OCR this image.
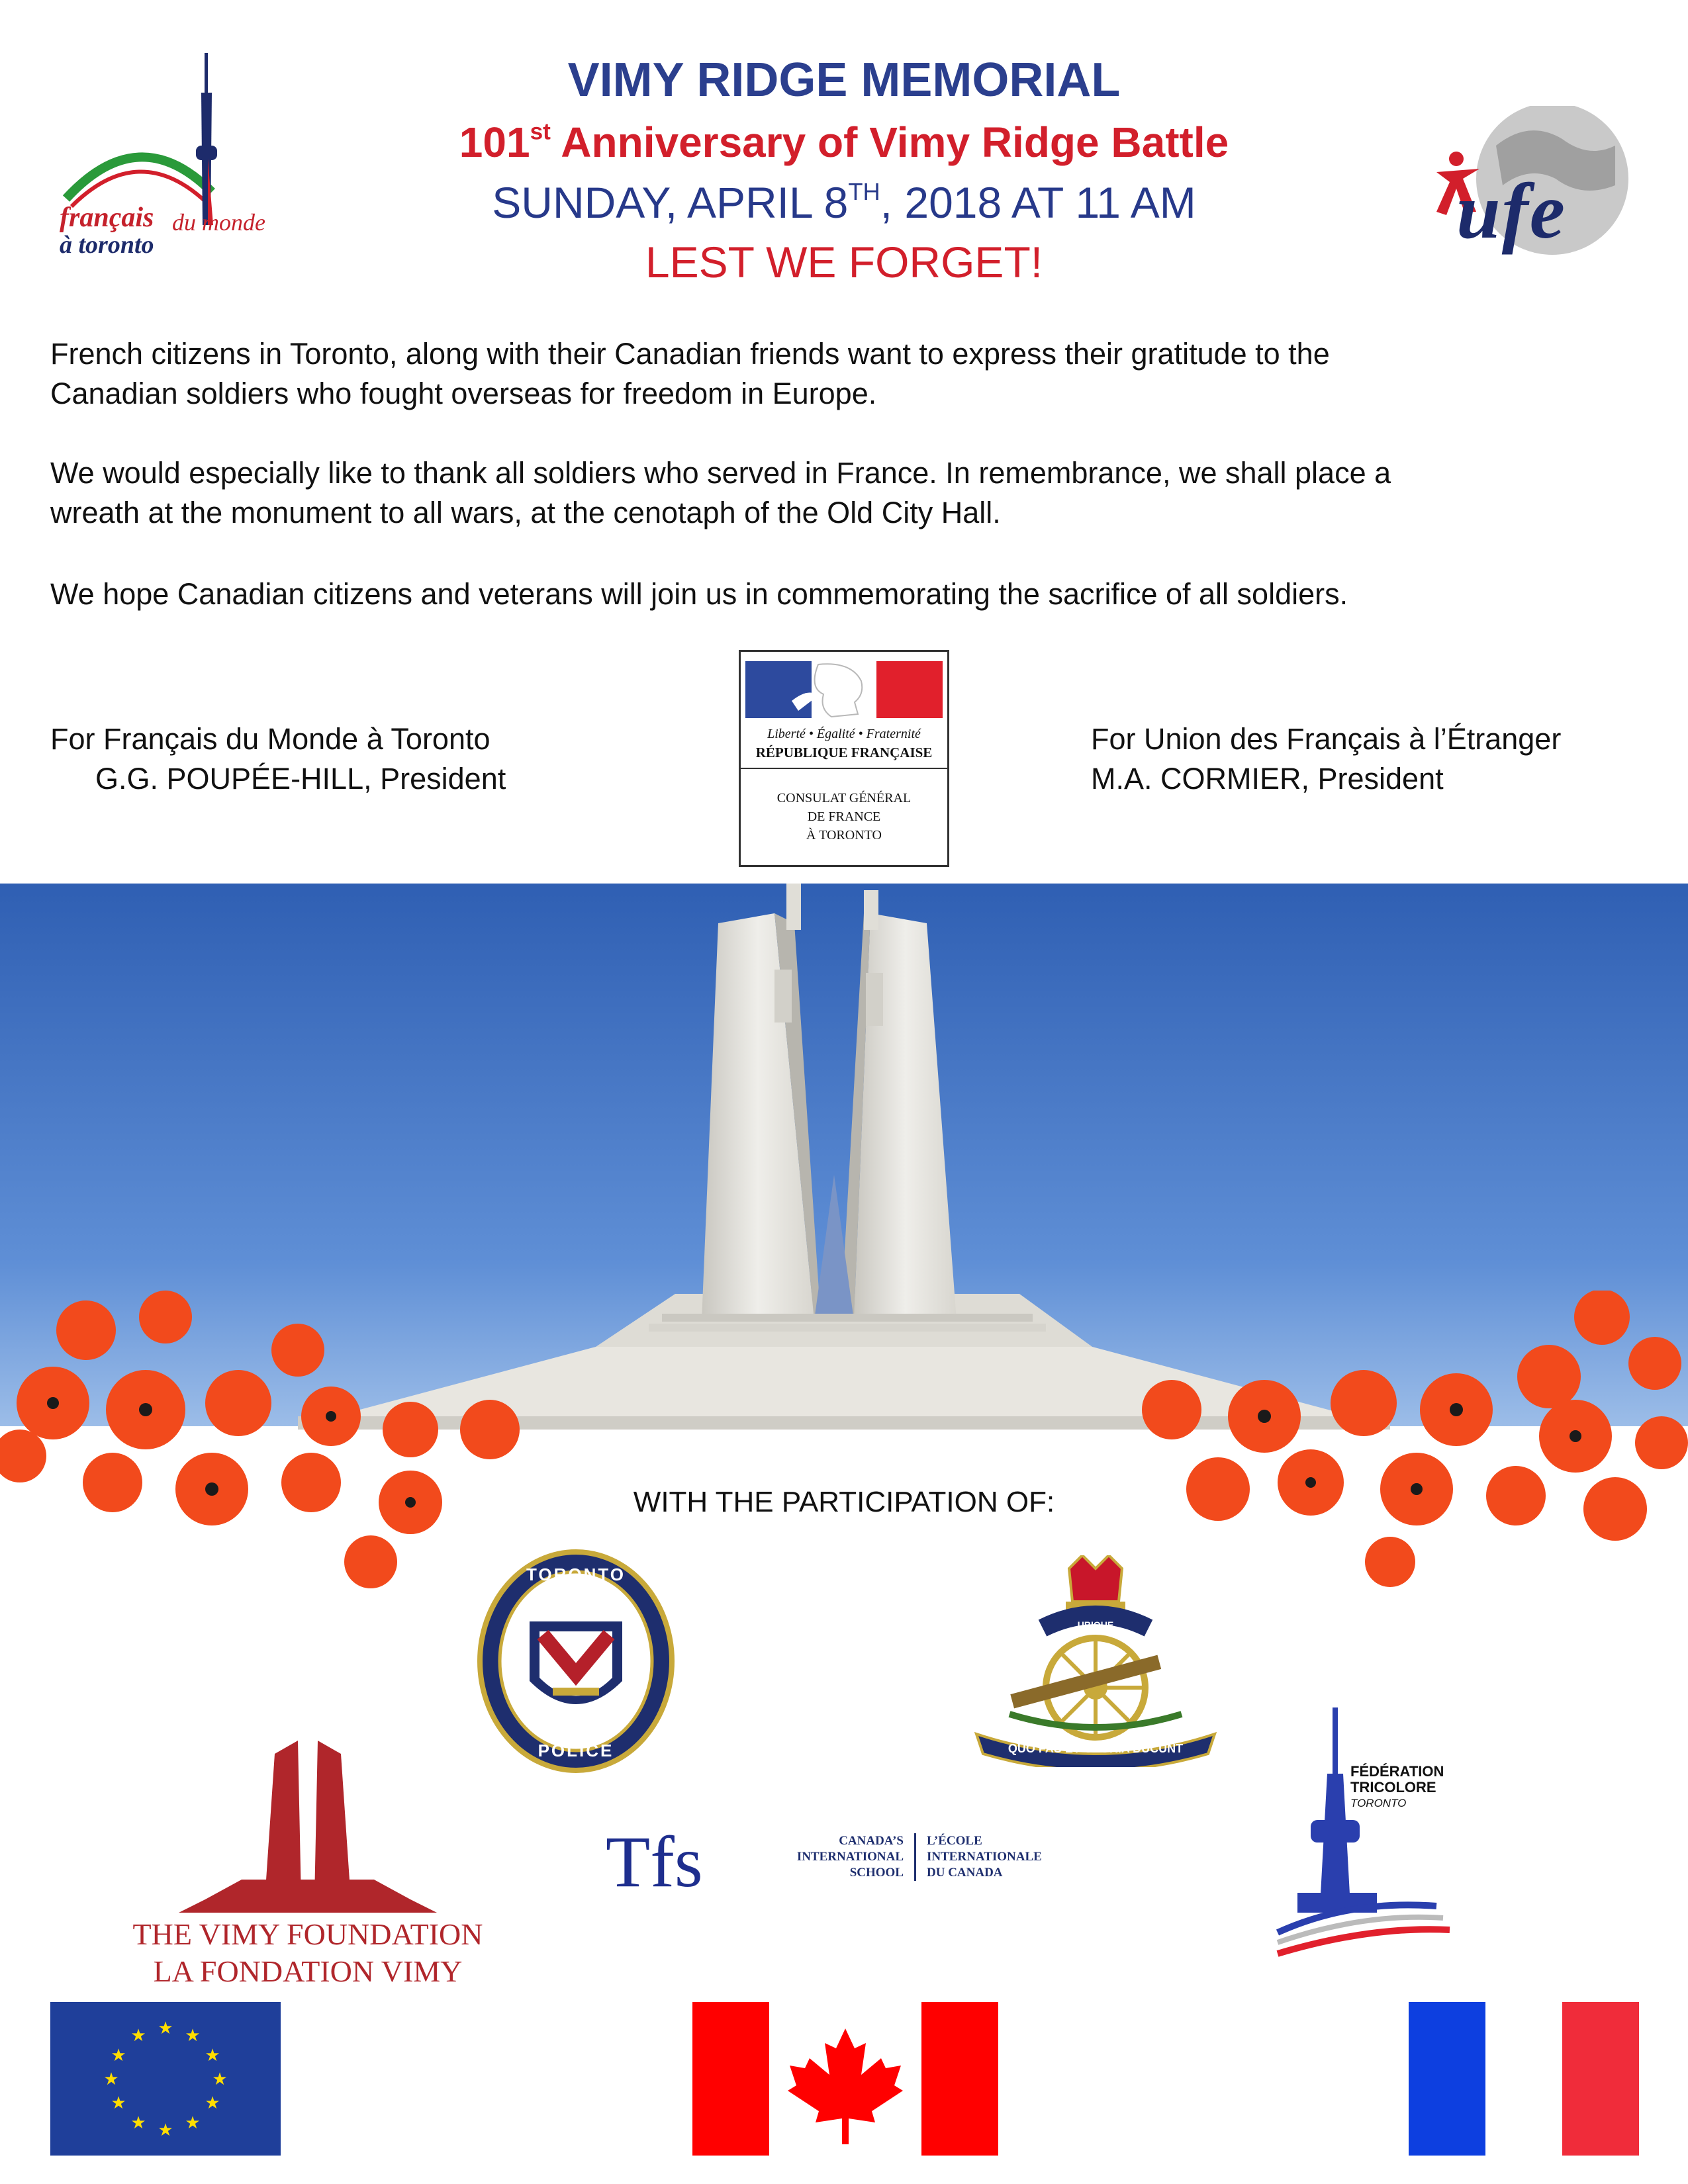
VIMY RIDGE MEMORIAL
101st Anniversary of Vimy Ridge Battle
SUNDAY, APRIL 8TH, 2018 AT 11 AM
LEST WE FORGET!
français du monde
à toronto	ufe
French citizens in Toronto, along with their Canadian friends want to express their gratitude to the
Canadian soldiers who fought overseas for freedom in Europe.
We would especially like to thank all soldiers who served in France. In remembrance, we shall place a
wreath at the monument to all wars, at the cenotaph of the Old City Hall.
We hope Canadian citizens and veterans will join us in commemorating the sacrifice of all soldiers.
For Français du Monde à Toronto
G.G. POUPÉE-HILL, President
For Union des Français à l’Étranger
M.A. CORMIER, President
Liberté • Égalité • Fraternité
RÉPUBLIQUE FRANÇAISE
CONSULAT GÉNÉRAL
DE FRANCE
À TORONTO
WITH THE PARTICIPATION OF:
TORONTO
POLICE
UBIQUE
QUO FAS ET GLORIA DUCUNT
THE VIMY FOUNDATION
LA FONDATION VIMY
Tfs	CANADA’S
INTERNATIONAL
SCHOOL
L’ÉCOLE
INTERNATIONALE
DU CANADA
FÉDÉRATION
TRICOLORE
TORONTO
★ ★
★
★
★
★
★
★
★
★
★
★
